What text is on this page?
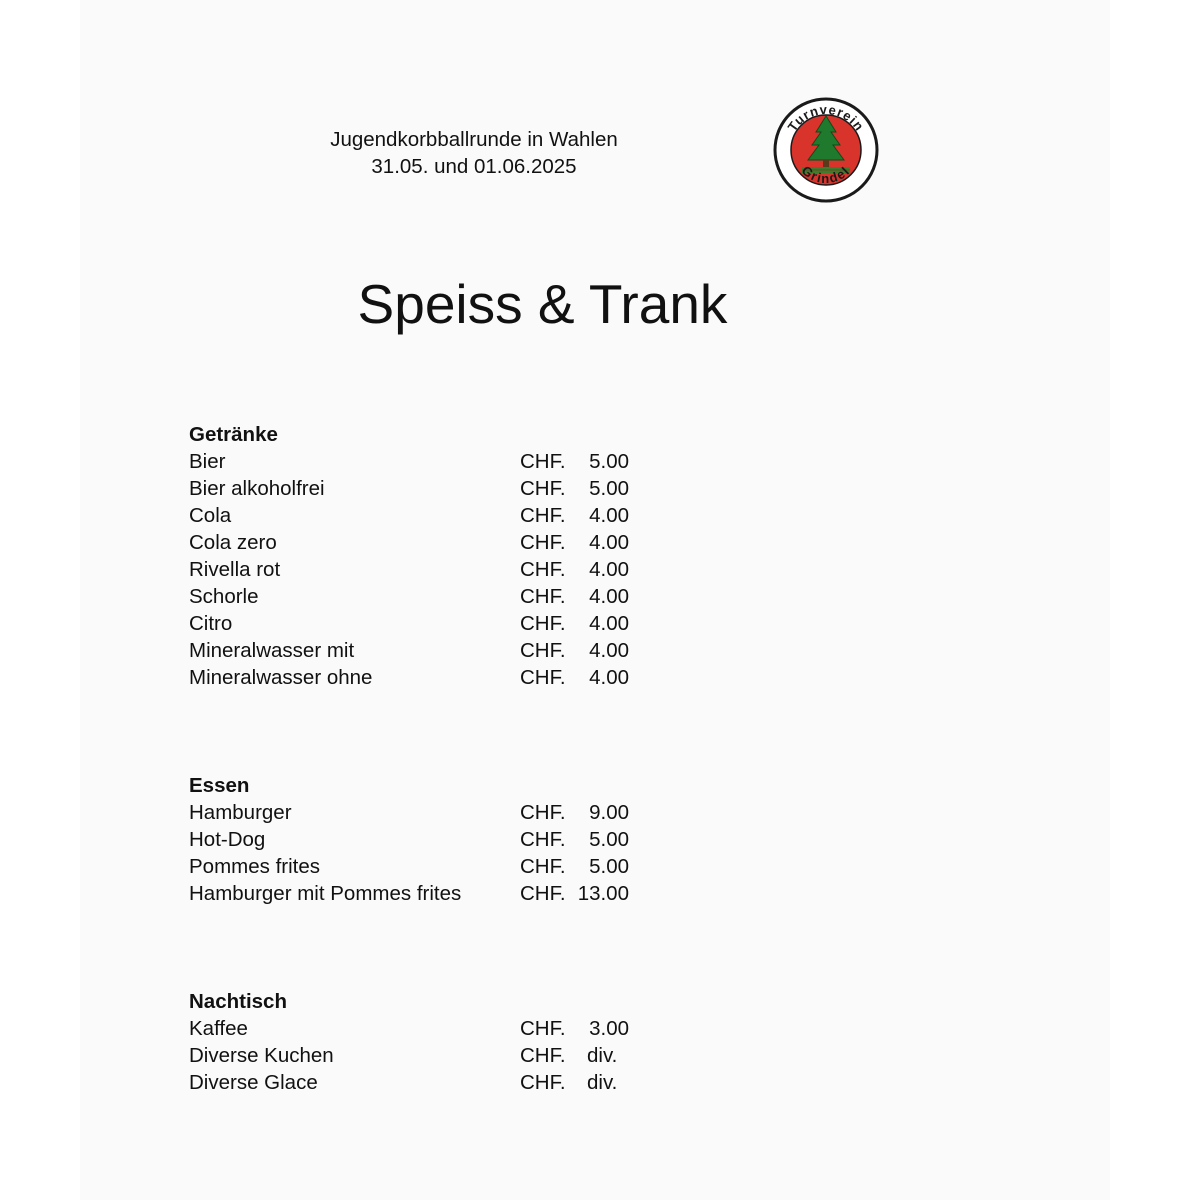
Jugendkorbballrunde in Wahlen
31.05. und 01.06.2025
Turnverein
Grindel
Speiss & Trank
Getränke
Bier	CHF.	5.00
Bier alkoholfrei	CHF.	5.00
Cola	CHF.	4.00
Cola zero	CHF.	4.00
Rivella rot	CHF.	4.00
Schorle	CHF.	4.00
Citro	CHF.	4.00
Mineralwasser mit	CHF.	4.00
Mineralwasser ohne	CHF.	4.00
Essen
Hamburger	CHF.	9.00
Hot-Dog	CHF.	5.00
Pommes frites	CHF.	5.00
Hamburger mit Pommes frites	CHF. 13.00
Nachtisch
Kaffee	CHF.	3.00
Diverse Kuchen	CHF. div.
Diverse Glace	CHF. div.
